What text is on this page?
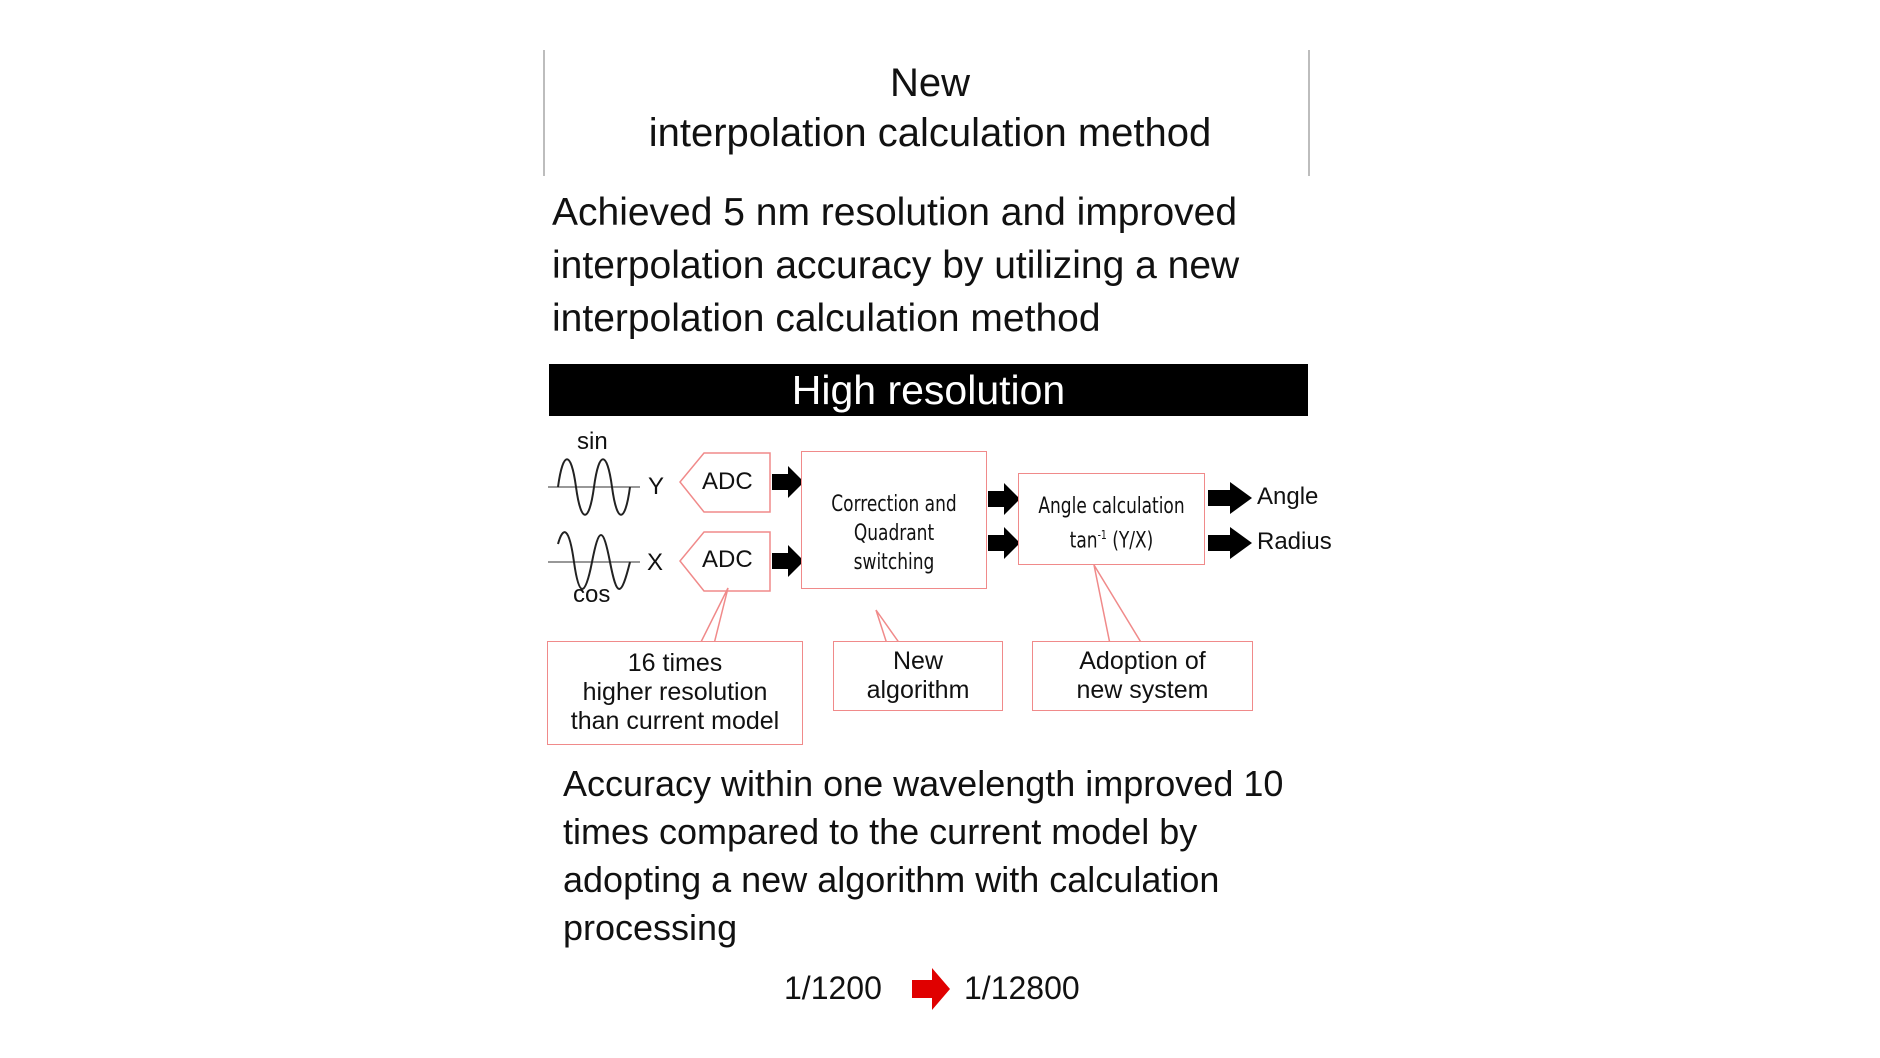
New
interpolation calculation method
Achieved 5 nm resolution and improved interpolation accuracy by utilizing a new interpolation calculation method
High resolution
sin
cos
Y
X
ADC
ADC
Correction and
Quadrant switching
Angle calculation
$\tan^{-1} (Y/X)$
Angle
Radius
16 times
higher resolution
than current model
New
algorithm
Adoption of
new system
Accuracy within one wavelength improved 10 times compared to the current model by adopting a new algorithm with calculation processing
1/1200	1/12800
